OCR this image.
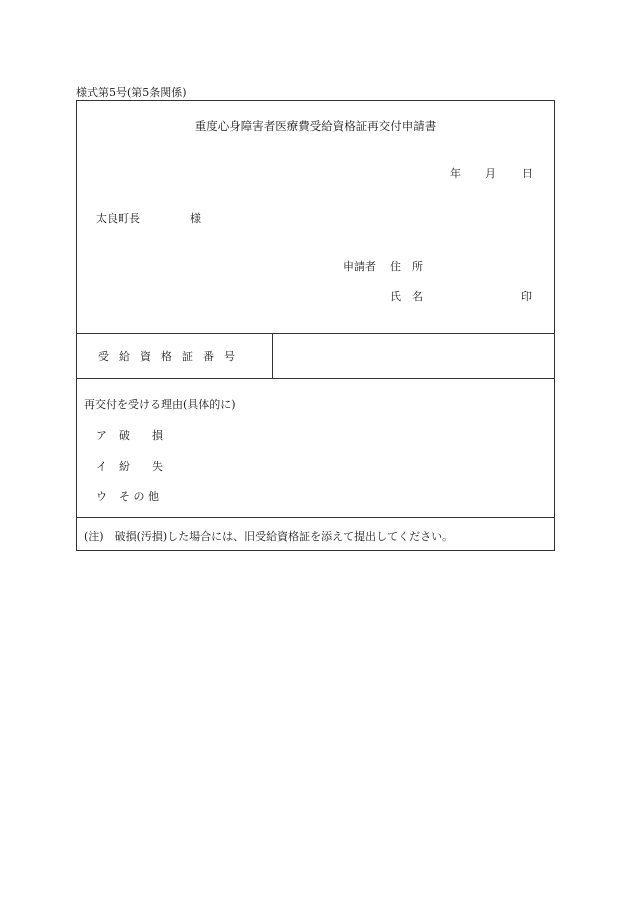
様式第5号(第5条関係)
重度心身障害者医療費受給資格証再交付申請書
年 月 日
太良町長	様
申請者 住　所
氏　名	印
受給資格証番号
再交付を受ける理由(具体的に)
ア 破　　損
イ 紛　　失
ウ そ の 他
(注)　破損(汚損)した場合には、旧受給資格証を添えて提出してください。
